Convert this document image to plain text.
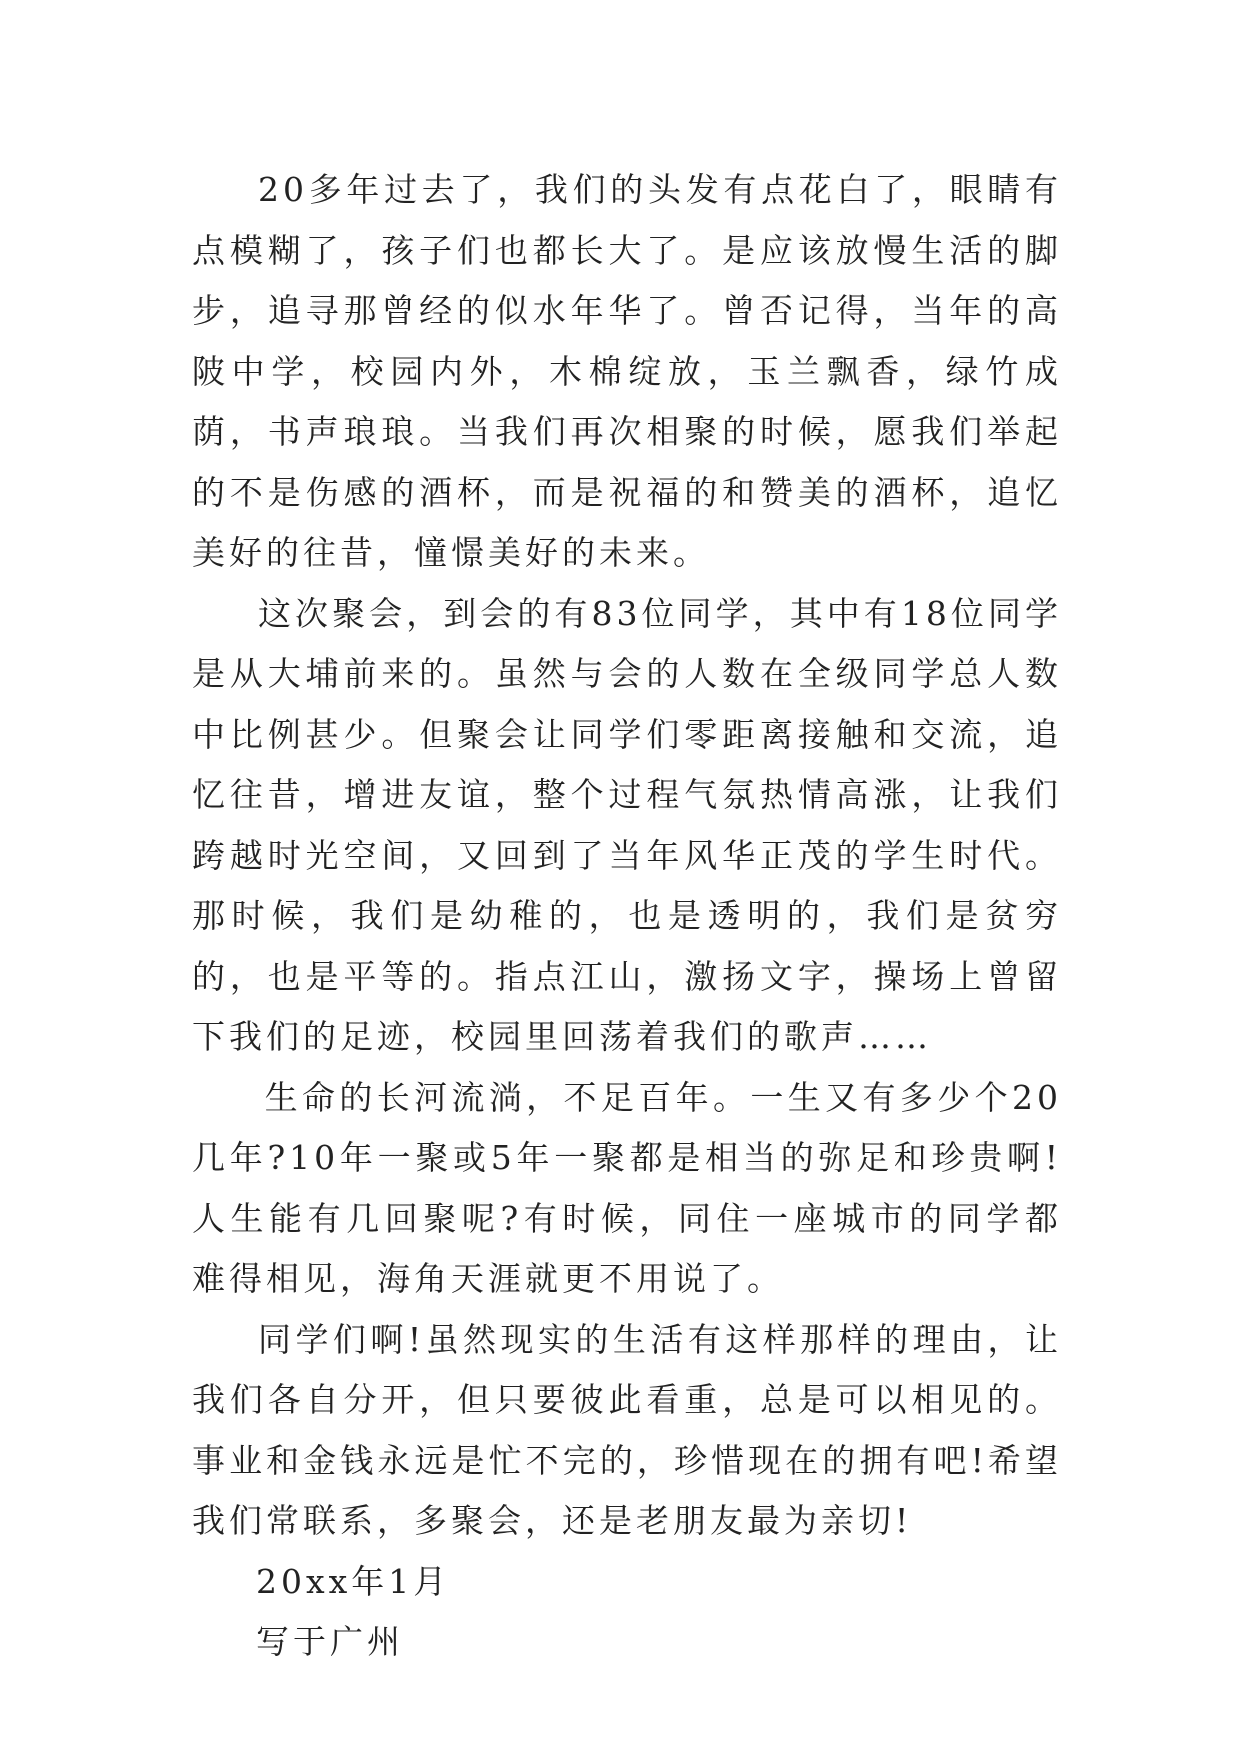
20多年过去了，我们的头发有点花白了，眼睛有点模糊了，孩子们也都长大了。是应该放慢生活的脚步，追寻那曾经的似水年华了。曾否记得，当年的高陂中学，校园内外，木棉绽放，玉兰飘香，绿竹成荫，书声琅琅。当我们再次相聚的时候，愿我们举起的不是伤感的酒杯，而是祝福的和赞美的酒杯，追忆美好的往昔，憧憬美好的未来。

这次聚会，到会的有83位同学，其中有18位同学是从大埔前来的。虽然与会的人数在全级同学总人数中比例甚少。但聚会让同学们零距离接触和交流，追忆往昔，增进友谊，整个过程气氛热情高涨，让我们跨越时光空间，又回到了当年风华正茂的学生时代。那时候，我们是幼稚的，也是透明的，我们是贫穷的，也是平等的。指点江山，激扬文字，操场上曾留下我们的足迹，校园里回荡着我们的歌声……

生命的长河流淌，不足百年。一生又有多少个20几年?10年一聚或5年一聚都是相当的弥足和珍贵啊!人生能有几回聚呢?有时候，同住一座城市的同学都难得相见，海角天涯就更不用说了。

同学们啊!虽然现实的生活有这样那样的理由，让我们各自分开，但只要彼此看重，总是可以相见的。事业和金钱永远是忙不完的，珍惜现在的拥有吧!希望我们常联系，多聚会，还是老朋友最为亲切!

20xx年1月

写于广州
